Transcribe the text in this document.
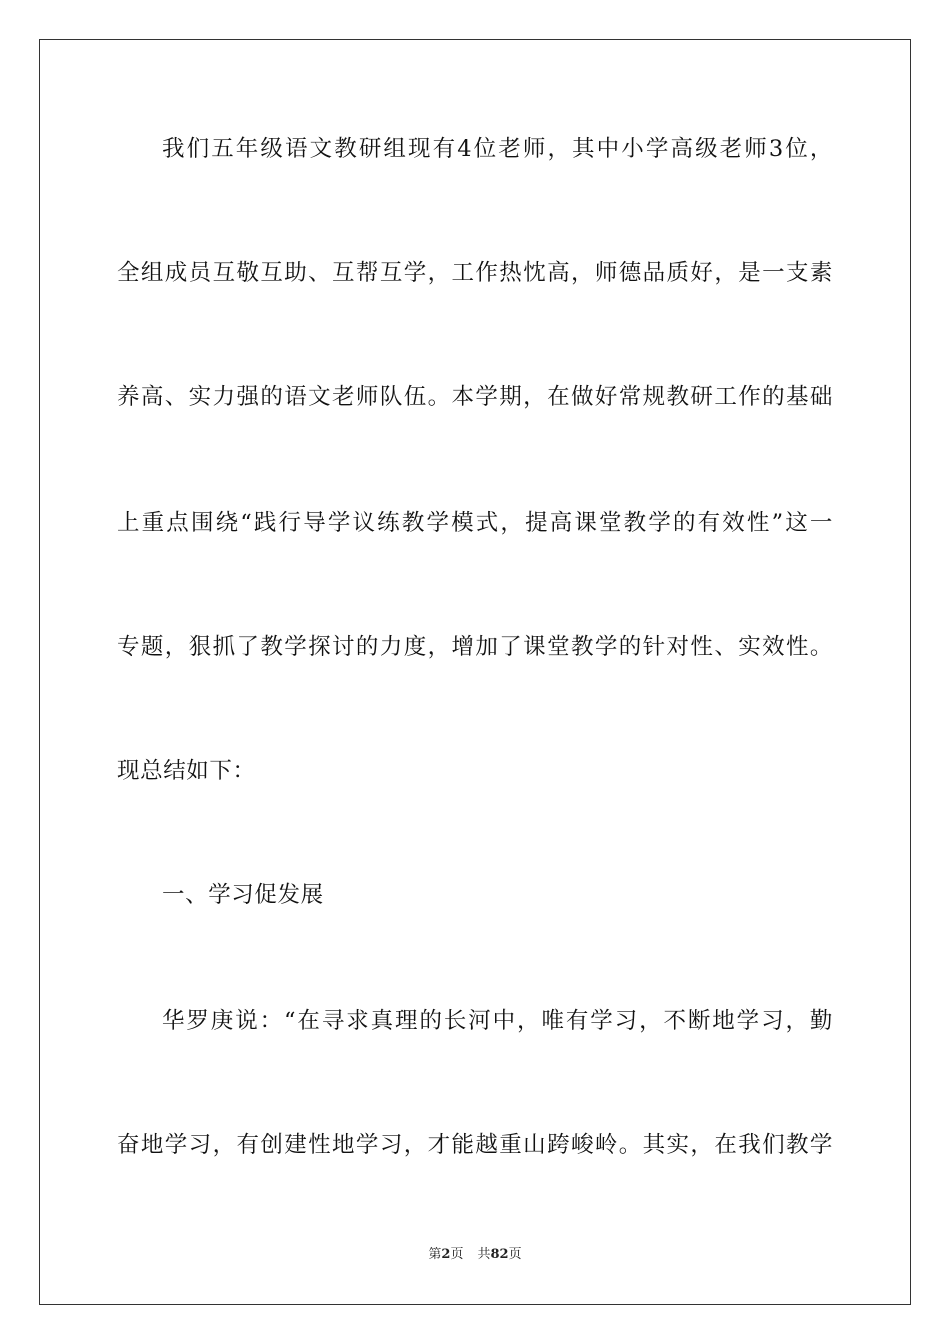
我们五年级语文教研组现有4位老师，其中小学高级老师3位，
全组成员互敬互助、互帮互学，工作热忱高，师德品质好，是一支素
养高、实力强的语文老师队伍。本学期，在做好常规教研工作的基础
上重点围绕“践行导学议练教学模式，提高课堂教学的有效性”这一
专题，狠抓了教学探讨的力度，增加了课堂教学的针对性、实效性。
现总结如下：
一、学习促发展
华罗庚说：“在寻求真理的长河中，唯有学习，不断地学习，勤
奋地学习，有创建性地学习，才能越重山跨峻岭。其实，在我们教学
第2页 共82页
